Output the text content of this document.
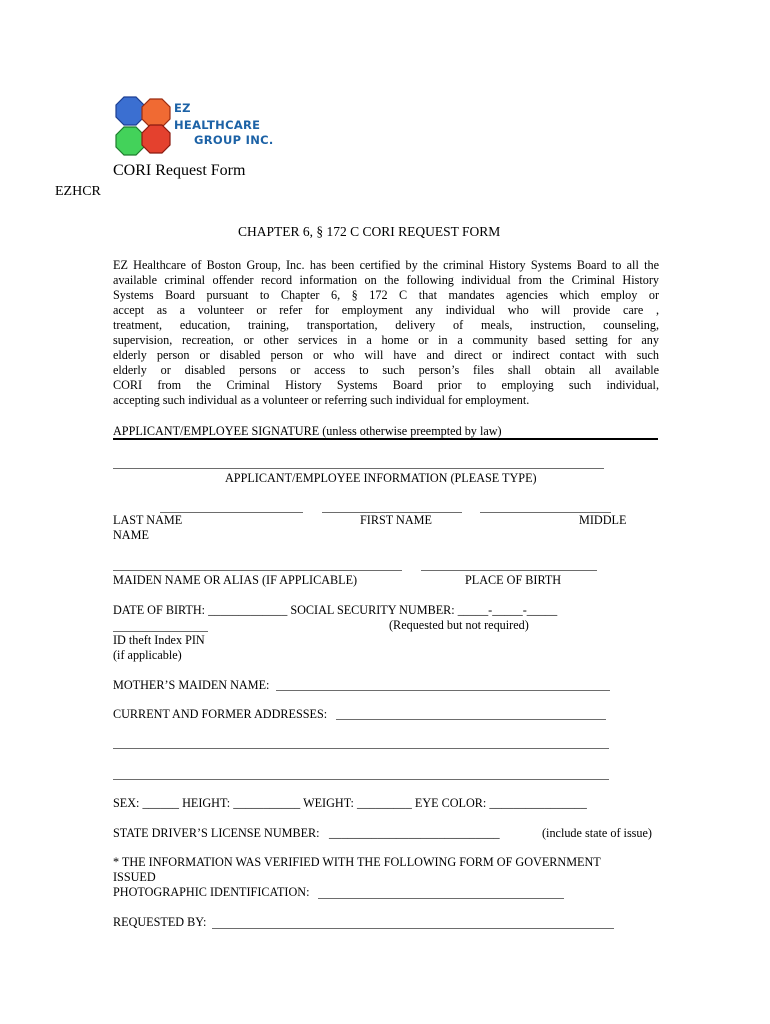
EZ
HEALTHCARE
GROUP INC.
CORI Request Form
EZHCR
CHAPTER 6, § 172 C CORI REQUEST FORM
EZ Healthcare of Boston Group, Inc. has been certified by the criminal History Systems Board to all the
available criminal offender record information on the following individual from the Criminal History
Systems Board pursuant to Chapter 6, § 172 C that mandates agencies which employ or
accept as a volunteer or refer for employment any individual who will provide care ,
treatment, education, training, transportation, delivery of meals, instruction, counseling,
supervision, recreation, or other services in a home or in a community based setting for any
elderly person or disabled person or who will have and direct or indirect contact with such
elderly or disabled persons or access to such person’s files shall obtain all available
CORI from the Criminal History Systems Board prior to employing such individual,
accepting such individual as a volunteer or referring such individual for employment.
APPLICANT/EMPLOYEE SIGNATURE (unless otherwise preempted by law)
APPLICANT/EMPLOYEE INFORMATION (PLEASE TYPE)
LAST NAME	FIRST NAME	MIDDLE
NAME
MAIDEN NAME OR ALIAS (IF APPLICABLE)	PLACE OF BIRTH
DATE OF BIRTH: _____________ SOCIAL SECURITY NUMBER: _____-_____-_____
(Requested but not required)
ID theft Index PIN
(if applicable)
MOTHER’S MAIDEN NAME:
CURRENT AND FORMER ADDRESSES:
SEX: ______ HEIGHT: ___________ WEIGHT: _________ EYE COLOR: ________________
STATE DRIVER’S LICENSE NUMBER: ____________________________	(include state of issue)
* THE INFORMATION WAS VERIFIED WITH THE FOLLOWING FORM OF GOVERNMENT
ISSUED
PHOTOGRAPHIC IDENTIFICATION:
REQUESTED BY:
